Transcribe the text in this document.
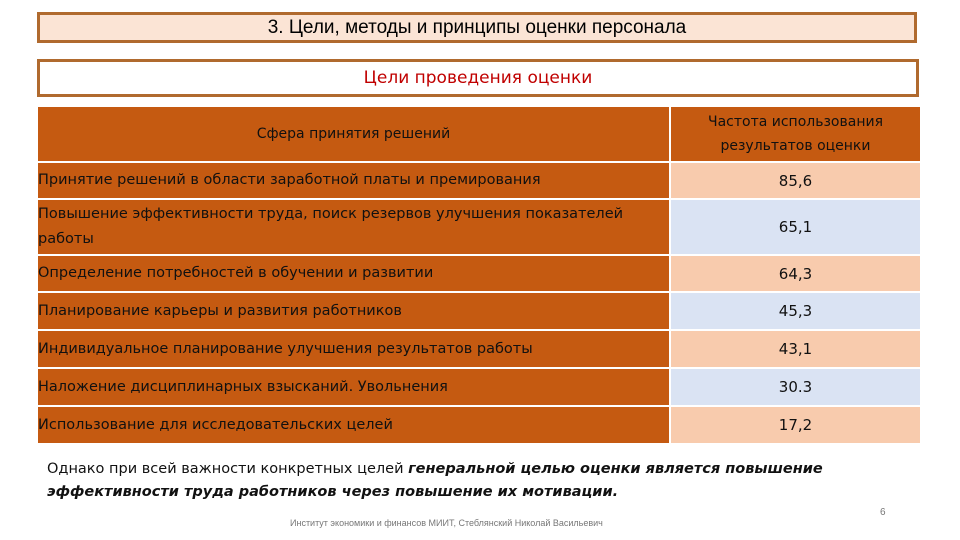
3. Цели, методы и принципы оценки персонала
Цели проведения оценки
Сфера принятия решений	Частота использования результатов оценки
Принятие решений в области заработной платы и премирования	85,6
Повышение эффективности труда, поиск резервов улучшения показателей работы	65,1
Определение потребностей в обучении и развитии	64,3
Планирование карьеры и развития работников	45,3
Индивидуальное планирование улучшения результатов работы	43,1
Наложение дисциплинарных взысканий. Увольнения	30.3
Использование для исследовательских целей	17,2
Однако при всей важности конкретных целей генеральной целью оценки является повышение эффективности труда работников через повышение их мотивации.
Институт экономики и финансов МИИТ, Стеблянский Николай Васильевич
6
